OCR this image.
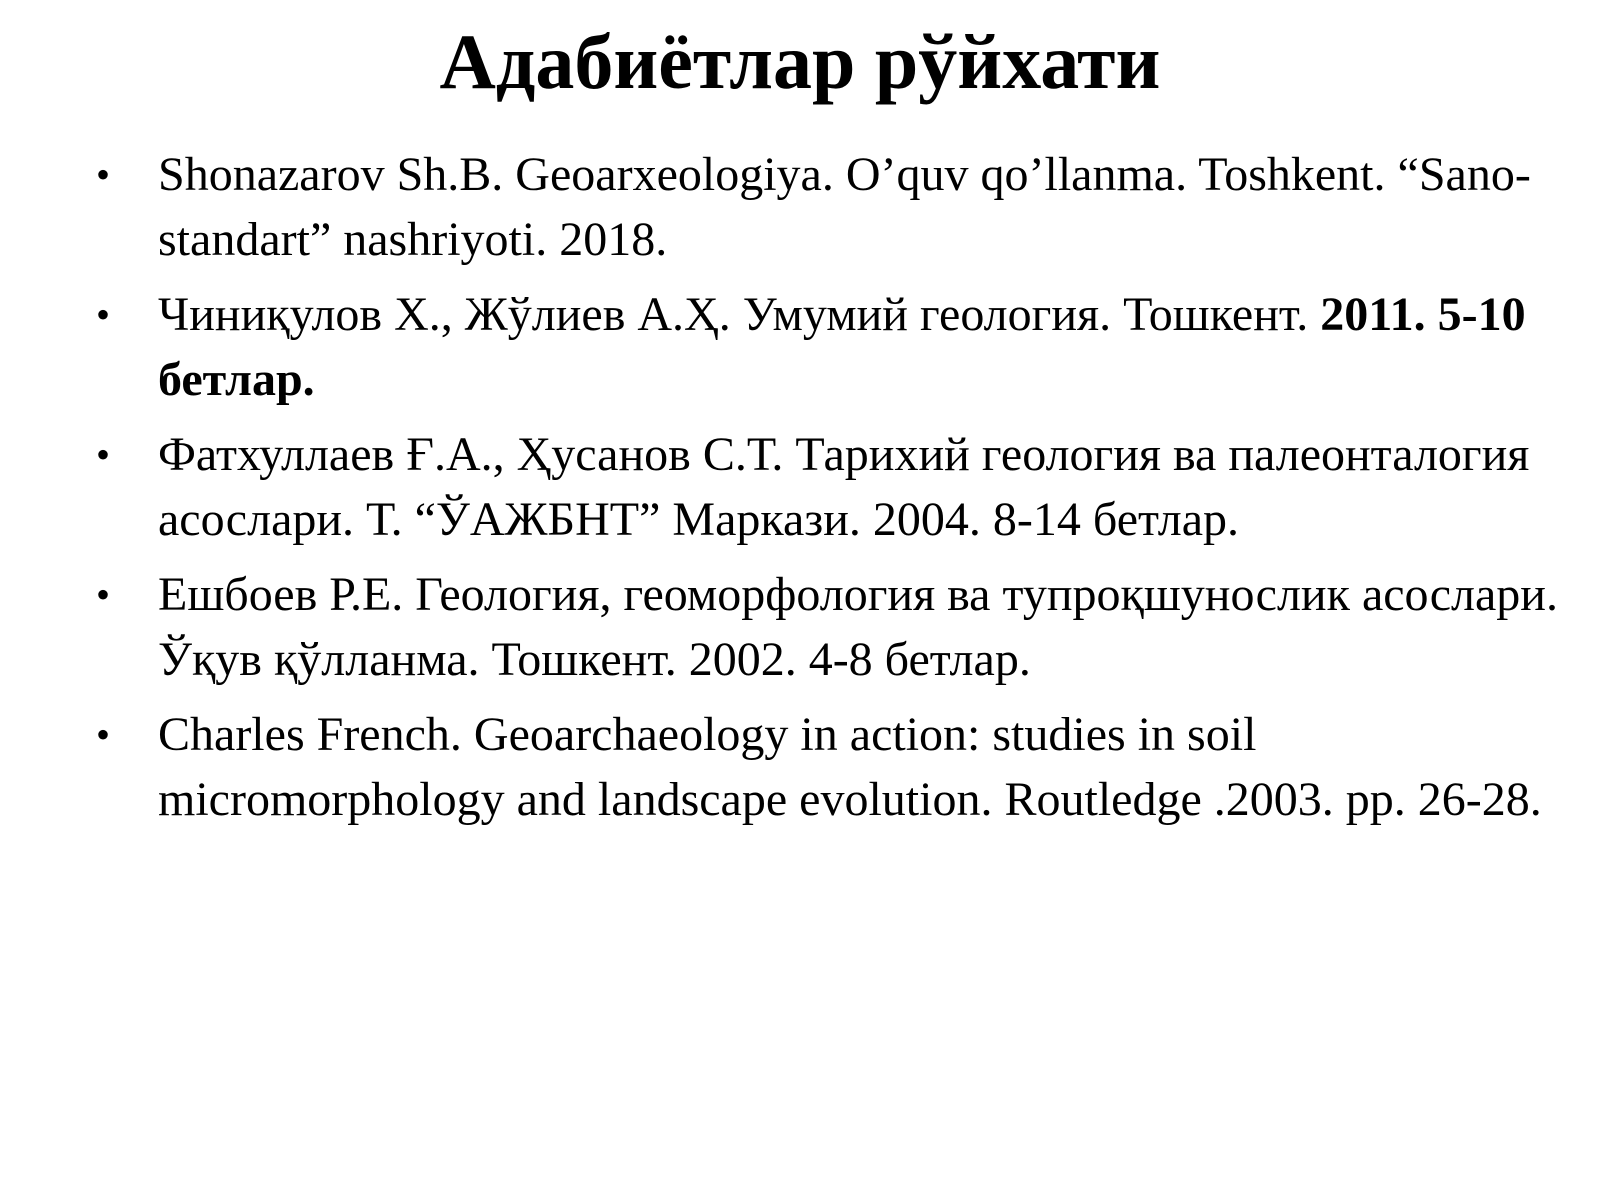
Адабиётлар рўйхати
• Shonazarov Sh.B. Geoarxeologiya. O’quv qo’llanma. Toshkent. “Sano-standart” nashriyoti. 2018.
• Чиниқулов Х., Жўлиев А.Ҳ. Умумий геология. Тошкент. 2011. 5-10 бетлар.
• Фатхуллаев Ғ.А., Ҳусанов С.Т. Тарихий геология ва палеонталогия асослари. Т. “ЎАЖБНТ” Маркази. 2004. 8-14 бетлар.
• Ешбоев Р.Е. Геология, геоморфология ва тупроқшунослик асослари. Ўқув қўлланма. Тошкент. 2002. 4-8 бетлар.
• Charles French. Geoarchaeology in action: studies in soil micromorphology and landscape evolution. Routledge .2003. pp. 26-28.
